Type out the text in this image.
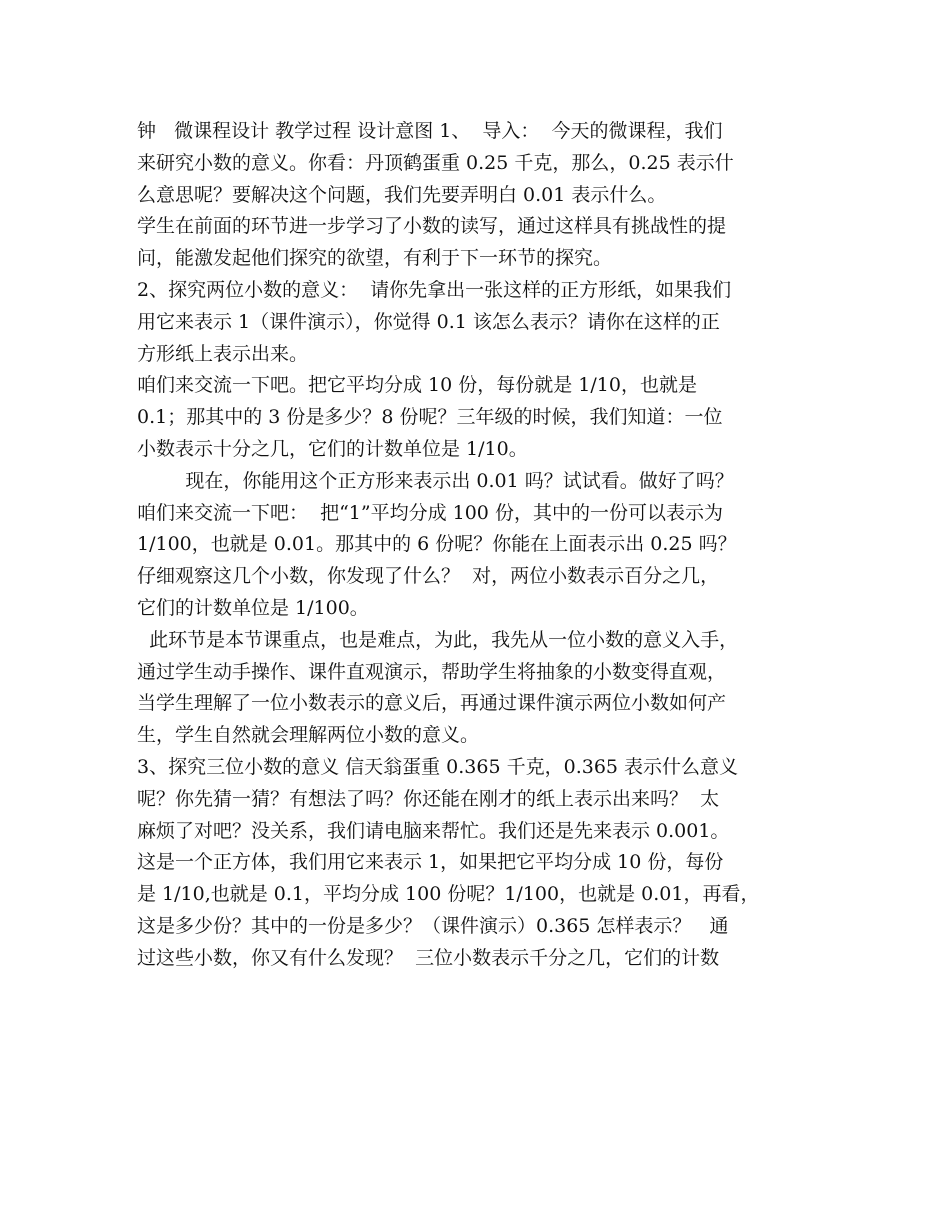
钟   微课程设计 教学过程 设计意图 1、  导入：  今天的微课程，我们
来研究小数的意义。你看：丹顶鹤蛋重 0.25 千克，那么，0.25 表示什
么意思呢？要解决这个问题，我们先要弄明白 0.01 表示什么。
学生在前面的环节进一步学习了小数的读写，通过这样具有挑战性的提
问，能激发起他们探究的欲望，有利于下一环节的探究。
2、探究两位小数的意义：  请你先拿出一张这样的正方形纸，如果我们
用它来表示 1（课件演示），你觉得 0.1 该怎么表示？请你在这样的正
方形纸上表示出来。
咱们来交流一下吧。把它平均分成 10 份，每份就是 1/10，也就是
0.1；那其中的 3 份是多少？8 份呢？三年级的时候，我们知道：一位
小数表示十分之几，它们的计数单位是 1/10。
现在，你能用这个正方形来表示出 0.01 吗？试试看。做好了吗？
咱们来交流一下吧：  把“1”平均分成 100 份，其中的一份可以表示为
1/100，也就是 0.01。那其中的 6 份呢？你能在上面表示出 0.25 吗？
仔细观察这几个小数，你发现了什么？  对，两位小数表示百分之几，
它们的计数单位是 1/100。
此环节是本节课重点，也是难点，为此，我先从一位小数的意义入手，
通过学生动手操作、课件直观演示，帮助学生将抽象的小数变得直观，
当学生理解了一位小数表示的意义后，再通过课件演示两位小数如何产
生，学生自然就会理解两位小数的意义。
3、探究三位小数的意义 信天翁蛋重 0.365 千克，0.365 表示什么意义
呢？你先猜一猜？有想法了吗？你还能在刚才的纸上表示出来吗？  太
麻烦了对吧？没关系，我们请电脑来帮忙。我们还是先来表示 0.001。
这是一个正方体，我们用它来表示 1，如果把它平均分成 10 份，每份
是 1/10,也就是 0.1，平均分成 100 份呢？1/100，也就是 0.01，再看，
这是多少份？其中的一份是多少？（课件演示）0.365 怎样表示？   通
过这些小数，你又有什么发现？  三位小数表示千分之几，它们的计数
